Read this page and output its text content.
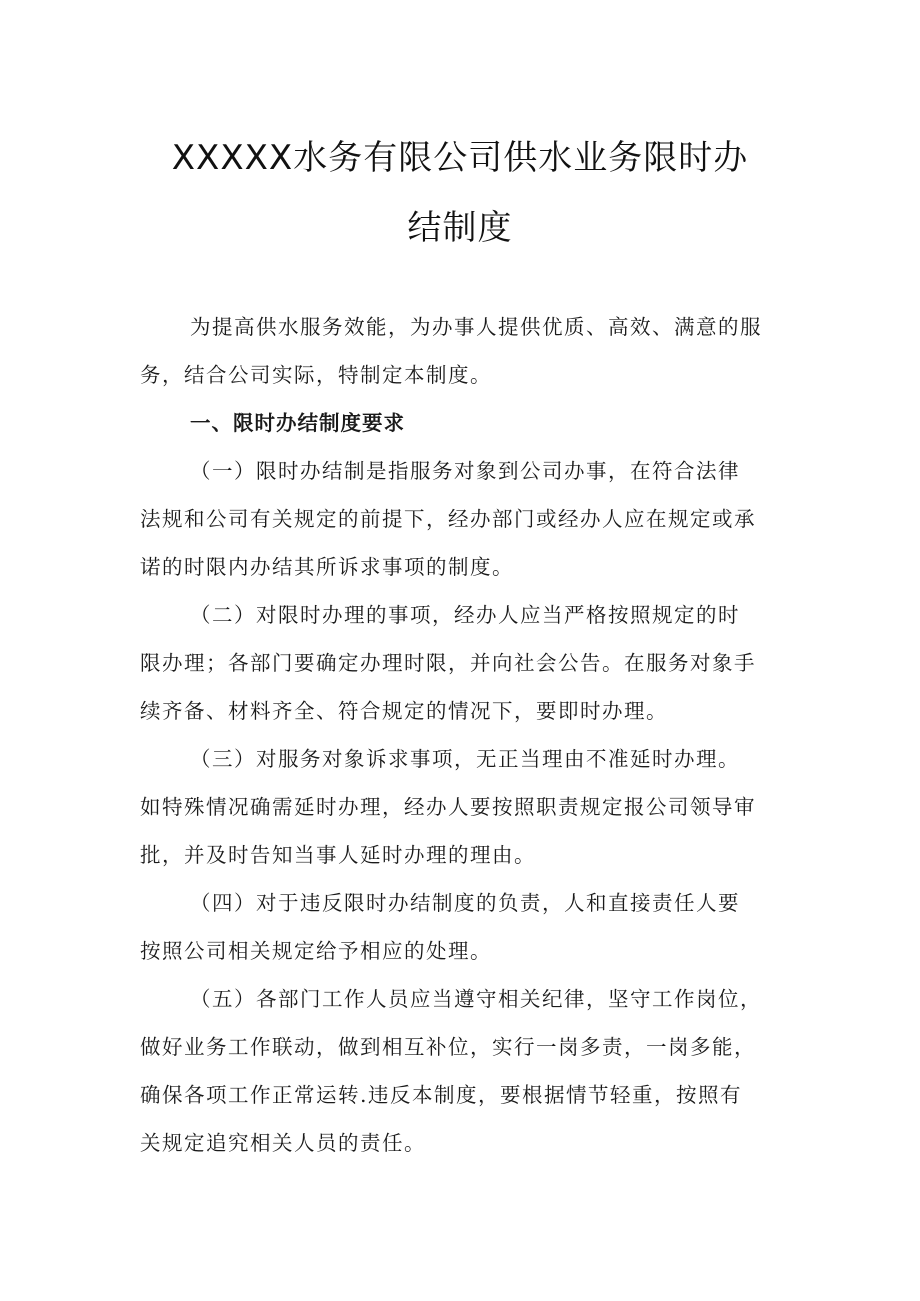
XXXXX水务有限公司供水业务限时办
结制度
为提高供水服务效能，为办事人提供优质、高效、满意的服
务，结合公司实际，特制定本制度。
一、限时办结制度要求
（一）限时办结制是指服务对象到公司办事，在符合法律
法规和公司有关规定的前提下，经办部门或经办人应在规定或承
诺的时限内办结其所诉求事项的制度。
（二）对限时办理的事项，经办人应当严格按照规定的时
限办理；各部门要确定办理时限，并向社会公告。在服务对象手
续齐备、材料齐全、符合规定的情况下，要即时办理。
（三）对服务对象诉求事项，无正当理由不准延时办理。
如特殊情况确需延时办理，经办人要按照职责规定报公司领导审
批，并及时告知当事人延时办理的理由。
（四）对于违反限时办结制度的负责，人和直接责任人要
按照公司相关规定给予相应的处理。
（五）各部门工作人员应当遵守相关纪律，坚守工作岗位，
做好业务工作联动，做到相互补位，实行一岗多责，一岗多能，
确保各项工作正常运转.违反本制度，要根据情节轻重，按照有
关规定追究相关人员的责任。
